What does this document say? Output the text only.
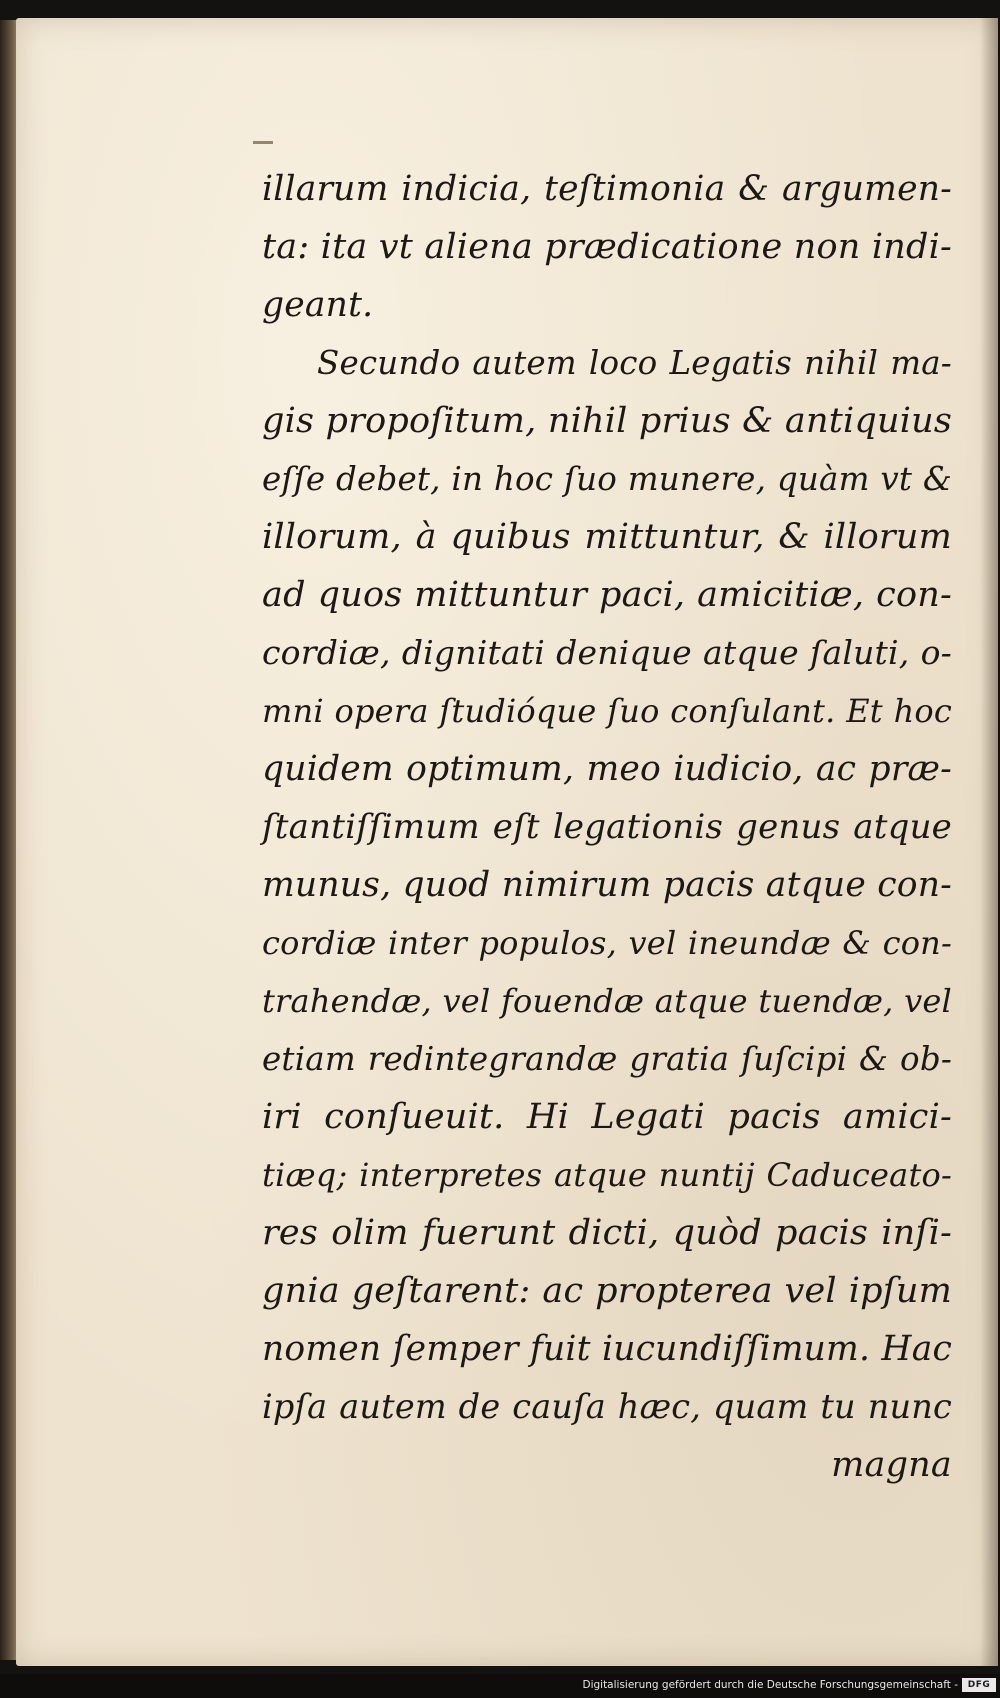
illarum indicia, teſtimonia & argumen-
ta: ita vt aliena prædicatione non indi-
geant.
Secundo autem loco Legatis nihil ma-
gis propoſitum, nihil prius & antiquius
eſſe debet, in hoc ſuo munere, quàm vt &
illorum, à quibus mittuntur, & illorum
ad quos mittuntur paci, amicitiæ, con-
cordiæ, dignitati denique atque ſaluti, o-
mni opera ſtudióque ſuo conſulant. Et hoc
quidem optimum, meo iudicio, ac præ-
ſtantiſſimum eſt legationis genus atque
munus, quod nimirum pacis atque con-
cordiæ inter populos, vel ineundæ & con-
trahendæ, vel fouendæ atque tuendæ, vel
etiam redintegrandæ gratia ſuſcipi & ob-
iri conſueuit. Hi Legati pacis amici-
tiæq; interpretes atque nuntij Caduceato-
res olim fuerunt dicti, quòd pacis inſi-
gnia geſtarent: ac propterea vel ipſum
nomen ſemper fuit iucundiſſimum. Hac
ipſa autem de cauſa hæc, quam tu nunc
magna
Digitalisierung gefördert durch die Deutsche Forschungsgemeinschaft -	DFG
